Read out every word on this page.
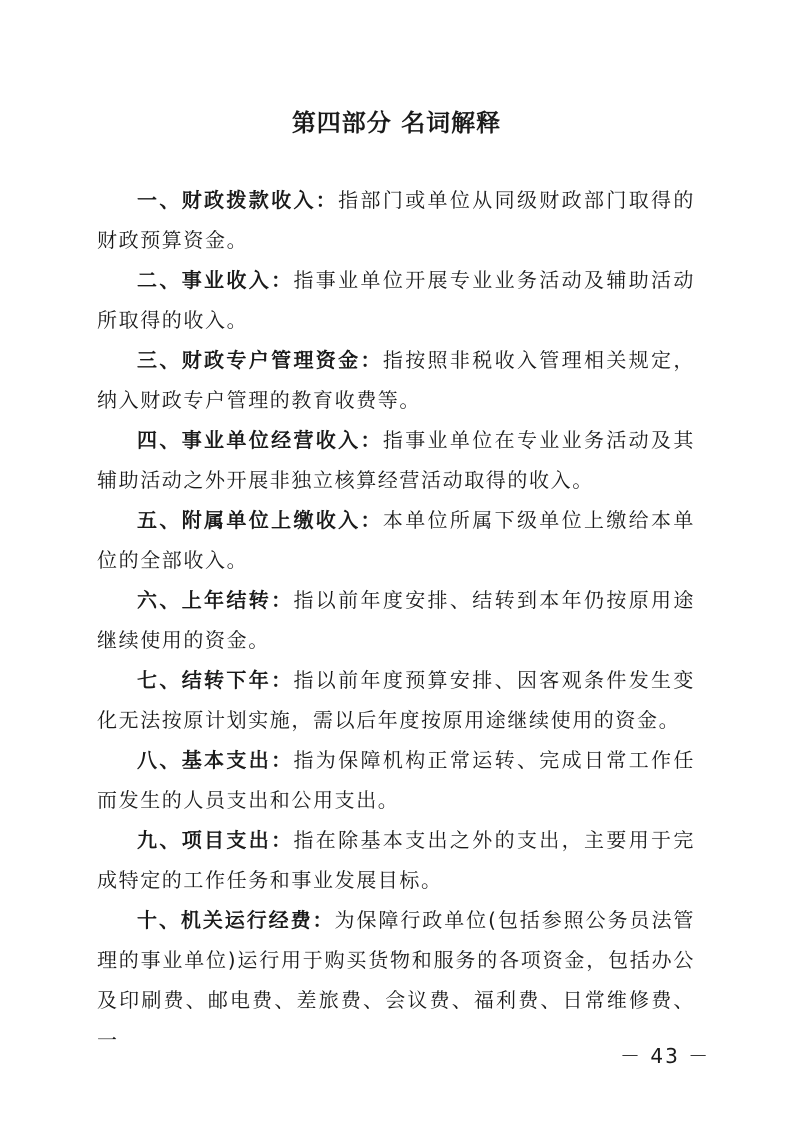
第四部分 名词解释

一、财政拨款收入：指部门或单位从同级财政部门取得的财政预算资金。

二、事业收入：指事业单位开展专业业务活动及辅助活动所取得的收入。

三、财政专户管理资金：指按照非税收入管理相关规定，纳入财政专户管理的教育收费等。

四、事业单位经营收入：指事业单位在专业业务活动及其辅助活动之外开展非独立核算经营活动取得的收入。

五、附属单位上缴收入：本单位所属下级单位上缴给本单位的全部收入。

六、上年结转：指以前年度安排、结转到本年仍按原用途继续使用的资金。

七、结转下年：指以前年度预算安排、因客观条件发生变化无法按原计划实施，需以后年度按原用途继续使用的资金。

八、基本支出：指为保障机构正常运转、完成日常工作任而发生的人员支出和公用支出。

九、项目支出：指在除基本支出之外的支出，主要用于完成特定的工作任务和事业发展目标。

十、机关运行经费：为保障行政单位(包括参照公务员法管理的事业单位)运行用于购买货物和服务的各项资金，包括办公及印刷费、邮电费、差旅费、会议费、福利费、日常维修费、一

－ 43 －
